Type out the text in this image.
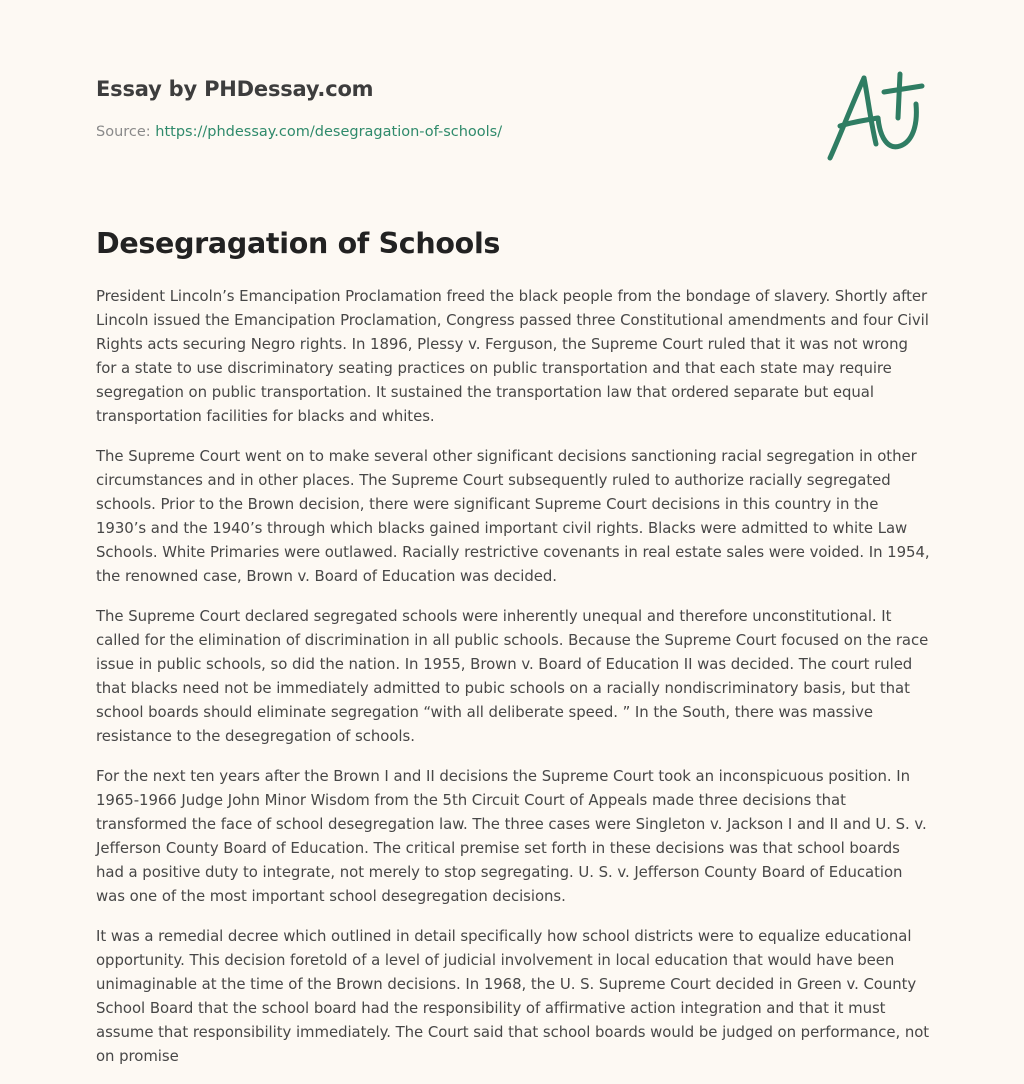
Essay by PHDessay.com
Source: https://phdessay.com/desegragation-of-schools/
Desegragation of Schools

President Lincoln’s Emancipation Proclamation freed the black people from the bondage of slavery. Shortly after Lincoln issued the Emancipation Proclamation, Congress passed three Constitutional amendments and four Civil Rights acts securing Negro rights. In 1896, Plessy v. Ferguson, the Supreme Court ruled that it was not wrong for a state to use discriminatory seating practices on public transportation and that each state may require segregation on public transportation. It sustained the transportation law that ordered separate but equal transportation facilities for blacks and whites.

The Supreme Court went on to make several other significant decisions sanctioning racial segregation in other circumstances and in other places. The Supreme Court subsequently ruled to authorize racially segregated schools. Prior to the Brown decision, there were significant Supreme Court decisions in this country in the 1930’s and the 1940’s through which blacks gained important civil rights. Blacks were admitted to white Law Schools. White Primaries were outlawed. Racially restrictive covenants in real estate sales were voided. In 1954, the renowned case, Brown v. Board of Education was decided.

The Supreme Court declared segregated schools were inherently unequal and therefore unconstitutional. It called for the elimination of discrimination in all public schools. Because the Supreme Court focused on the race issue in public schools, so did the nation. In 1955, Brown v. Board of Education II was decided. The court ruled that blacks need not be immediately admitted to pubic schools on a racially nondiscriminatory basis, but that school boards should eliminate segregation “with all deliberate speed. ” In the South, there was massive resistance to the desegregation of schools.

For the next ten years after the Brown I and II decisions the Supreme Court took an inconspicuous position. In 1965-1966 Judge John Minor Wisdom from the 5th Circuit Court of Appeals made three decisions that transformed the face of school desegregation law. The three cases were Singleton v. Jackson I and II and U. S. v. Jefferson County Board of Education. The critical premise set forth in these decisions was that school boards had a positive duty to integrate, not merely to stop segregating. U. S. v. Jefferson County Board of Education was one of the most important school desegregation decisions.

It was a remedial decree which outlined in detail specifically how school districts were to equalize educational opportunity. This decision foretold of a level of judicial involvement in local education that would have been unimaginable at the time of the Brown decisions. In 1968, the U. S. Supreme Court decided in Green v. County School Board that the school board had the responsibility of affirmative action integration and that it must assume that responsibility immediately. The Court said that school boards would be judged on performance, not on promise
